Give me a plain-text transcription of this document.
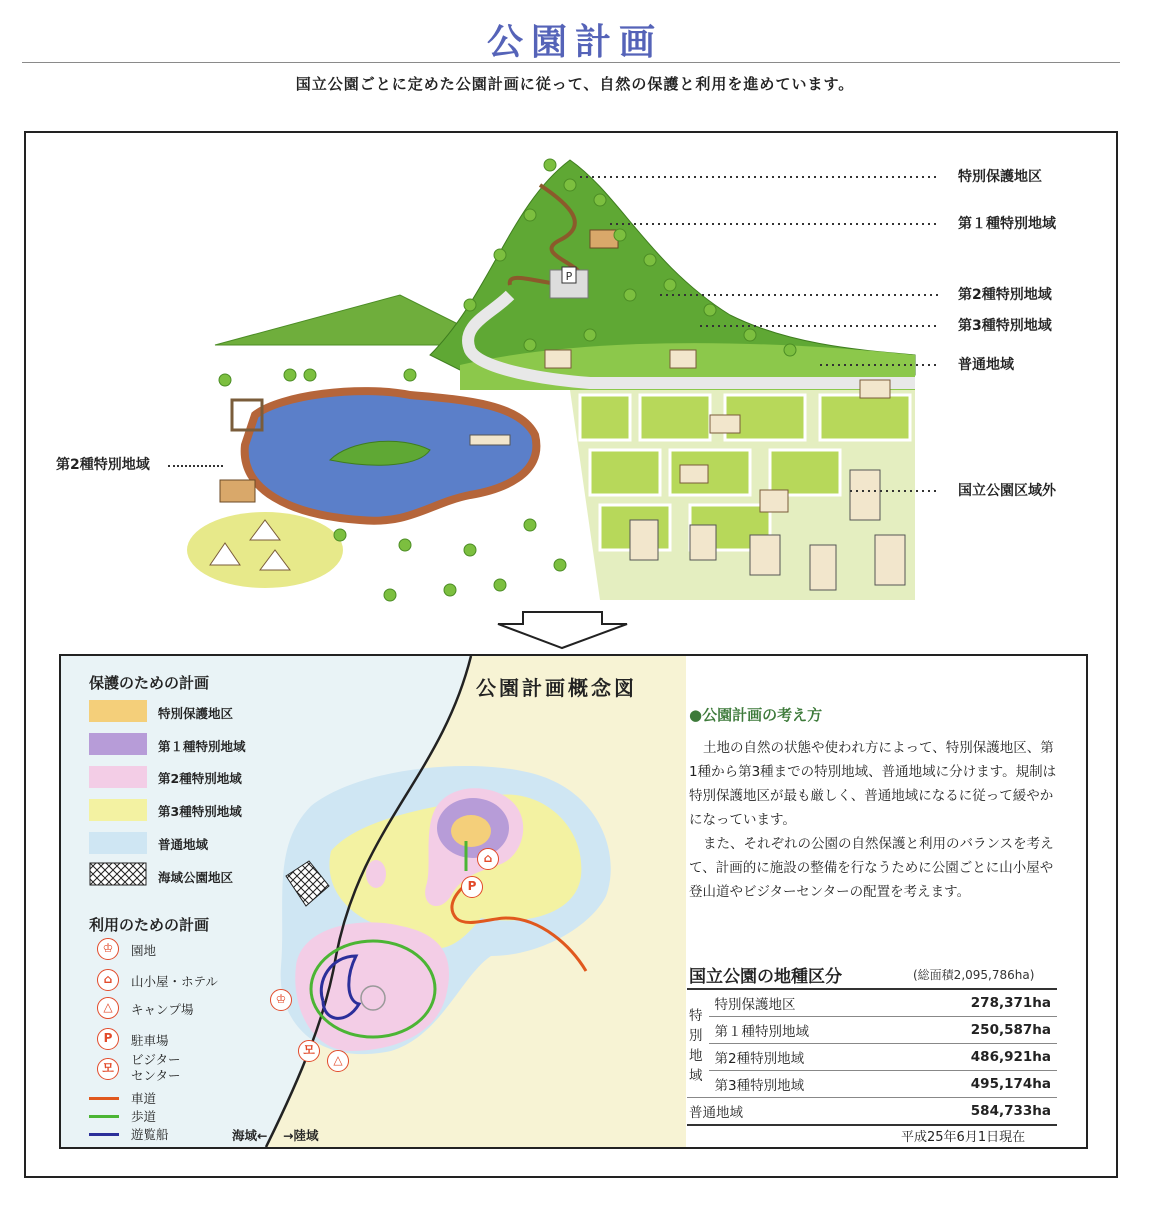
公園計画
国立公園ごとに定めた公園計画に従って、自然の保護と利用を進めています。
P
特別保護地区
第１種特別地域
第2種特別地域
第3種特別地域
普通地域
国立公園区域外
第2種特別地域
⌂
P
♔
모
△
公園計画概念図
保護のための計画
特別保護地区
第１種特別地域
第2種特別地域
第3種特別地域
普通地域
海域公園地区
利用のための計画
♔	園地
⌂	山小屋・ホテル
△	キャンプ場
P	駐車場
모
ビジター
センター
車道
歩道
遊覧船	海域← →陸域
●公園計画の考え方

土地の自然の状態や使われ方によって、特別保護地区、第1種から第3種までの特別地域、普通地域に分けます。規制は特別保護地区が最も厳しく、普通地域になるに従って緩やかになっています。

また、それぞれの公園の自然保護と利用のバランスを考えて、計画的に施設の整備を行なうために公園ごとに山小屋や登山道やビジターセンターの配置を考えます。

国立公園の地種区分	(総面積2,095,786ha)
特別地域	特別保護地区	278,371ha
	第１種特別地域	250,587ha
	第2種特別地域	486,921ha
	第3種特別地域	495,174ha
普通地域		584,733ha
平成25年6月1日現在
